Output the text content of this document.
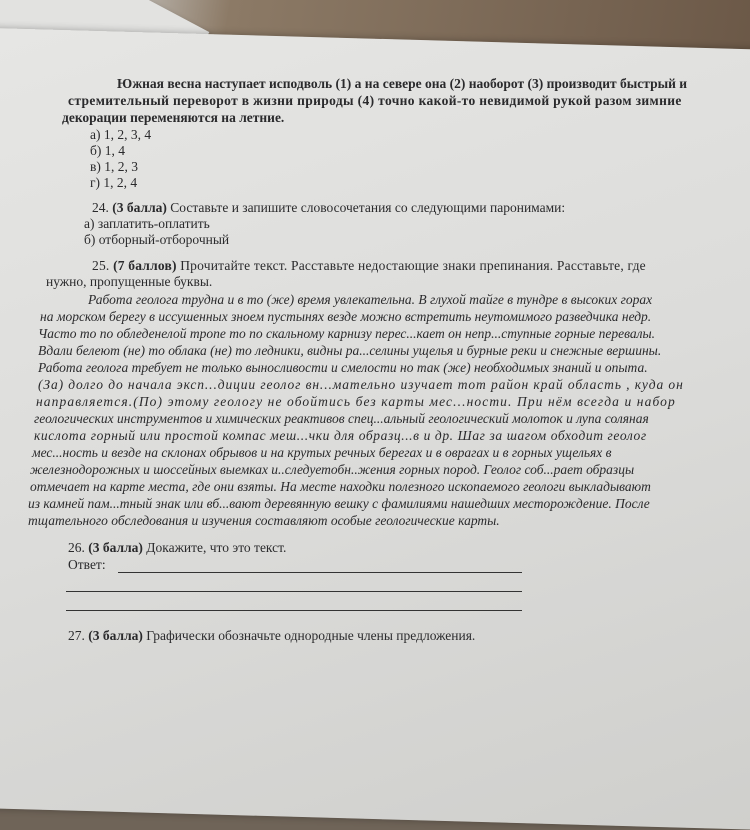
Южная весна наступает исподволь (1) а на севере она (2) наоборот (3) производит быстрый и
стремительный переворот в жизни природы (4) точно какой-то невидимой рукой разом зимние
декорации переменяются на летние.
а) 1, 2, 3, 4
б) 1, 4
в) 1, 2, 3
г) 1, 2, 4
24. (3 балла) Составьте и запишите словосочетания со следующими паронимами:
а) заплатить-оплатить
б) отборный-отборочный
25. (7 баллов) Прочитайте текст. Расставьте недостающие знаки препинания. Расставьте, где
нужно, пропущенные буквы.
Работа геолога трудна и в то (же) время увлекательна. В глухой тайге в тундре в высоких горах
на морском берегу в иссушенных зноем пустынях везде можно встретить неутомимого разведчика недр.
Часто то по обледенелой тропе то по скальному карнизу перес...кает он непр...ступные горные перевалы.
Вдали белеют (не) то облака (не) то ледники, видны ра...селины ущелья и бурные реки и снежные вершины.
Работа геолога требует не только выносливости и смелости но так (же) необходимых знаний и опыта.
(За) долго до начала эксп...диции геолог вн...мательно изучает тот район край область , куда он
направляется.(По) этому геологу не обойтись без карты мес...ности. При нём всегда и набор
геологических инструментов и химических реактивов спец...альный геологический молоток и лупа соляная
кислота горный или простой компас меш...чки для образц...в и др. Шаг за шагом обходит геолог
мес...ность и везде на склонах обрывов и на крутых речных берегах и в оврагах и в горных ущельях в
железнодорожных и шоссейных выемках и..следуетобн..жения горных пород. Геолог соб...рает образцы
отмечает на карте места, где они взяты. На месте находки полезного ископаемого геологи выкладывают
из камней пам...тный знак или вб...вают деревянную вешку с фамилиями нашедших месторождение. После
тщательного обследования и изучения составляют особые геологические карты.
26. (3 балла) Докажите, что это текст.
Ответ:
27. (3 балла) Графически обозначьте однородные члены предложения.
